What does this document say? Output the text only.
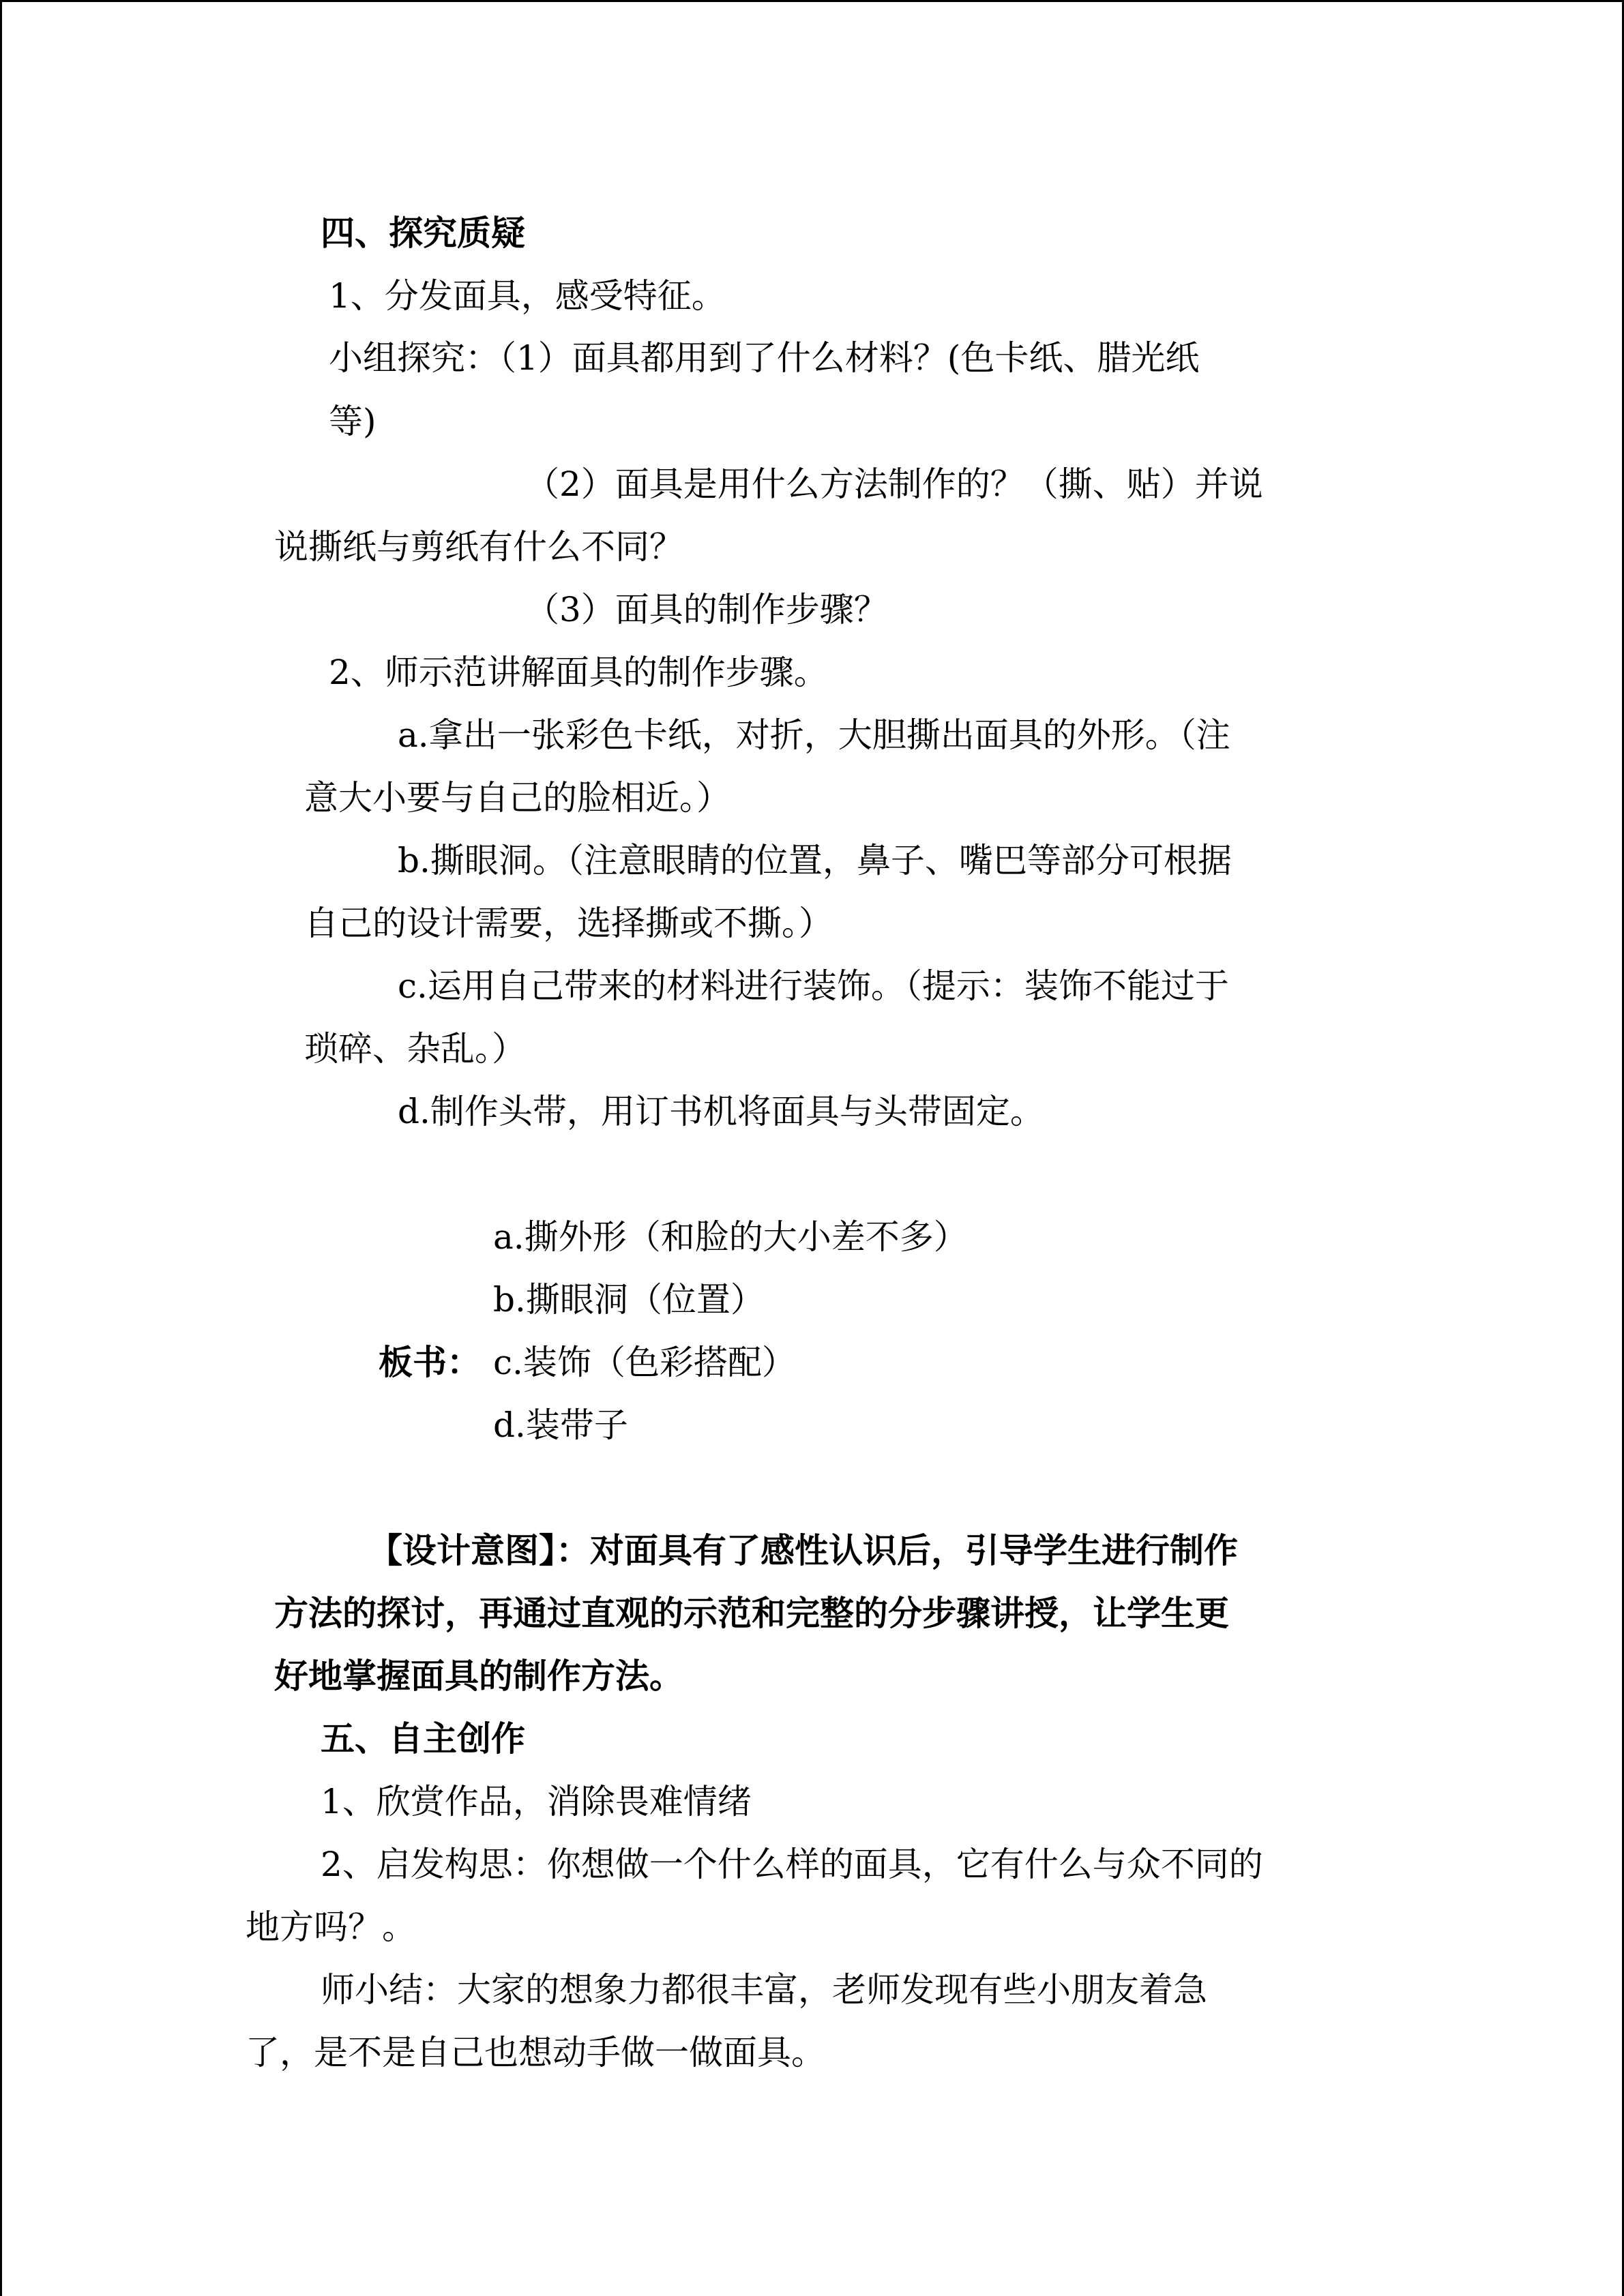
四、探究质疑
1、分发面具，感受特征。
小组探究：（1）面具都用到了什么材料？(色卡纸、腊光纸
等)
（2）面具是用什么方法制作的？（撕、贴）并说
说撕纸与剪纸有什么不同？
（3）面具的制作步骤？
2、师示范讲解面具的制作步骤。
a.拿出一张彩色卡纸，对折，大胆撕出面具的外形。（注
意大小要与自己的脸相近。）
b.撕眼洞。（注意眼睛的位置，鼻子、嘴巴等部分可根据
自己的设计需要，选择撕或不撕。）
c.运用自己带来的材料进行装饰。（提示：装饰不能过于
琐碎、杂乱。）
d.制作头带，用订书机将面具与头带固定。
a.撕外形（和脸的大小差不多）
b.撕眼洞（位置）
板书： c.装饰（色彩搭配）
d.装带子
【设计意图】：对面具有了感性认识后，引导学生进行制作
方法的探讨，再通过直观的示范和完整的分步骤讲授，让学生更
好地掌握面具的制作方法。
五、自主创作
1、欣赏作品，消除畏难情绪
2、启发构思：你想做一个什么样的面具，它有什么与众不同的
地方吗？。
师小结：大家的想象力都很丰富，老师发现有些小朋友着急
了，是不是自己也想动手做一做面具。
